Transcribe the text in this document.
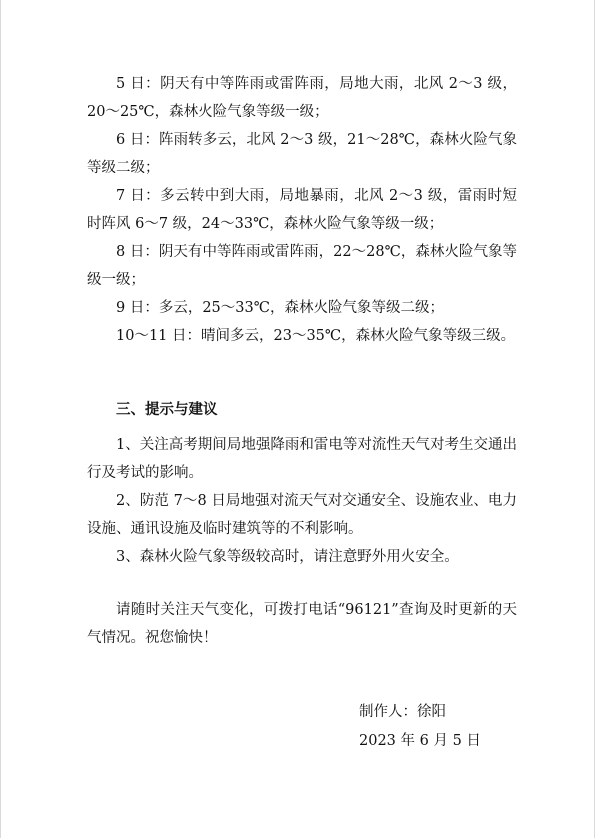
5 日：阴天有中等阵雨或雷阵雨，局地大雨，北风 2～3 级，20～25℃，森林火险气象等级一级；

6 日：阵雨转多云，北风 2～3 级，21～28℃，森林火险气象等级二级；

7 日：多云转中到大雨，局地暴雨，北风 2～3 级，雷雨时短时阵风 6～7 级，24～33℃，森林火险气象等级一级；

8 日：阴天有中等阵雨或雷阵雨，22～28℃，森林火险气象等级一级；

9 日：多云，25～33℃，森林火险气象等级二级；

10～11 日：晴间多云，23～35℃，森林火险气象等级三级。

三、提示与建议

1、关注高考期间局地强降雨和雷电等对流性天气对考生交通出行及考试的影响。

2、防范 7～8 日局地强对流天气对交通安全、设施农业、电力设施、通讯设施及临时建筑等的不利影响。

3、森林火险气象等级较高时，请注意野外用火安全。

请随时关注天气变化，可拨打电话“96121”查询及时更新的天气情况。祝您愉快！

制作人：徐阳
2023 年 6 月 5 日
